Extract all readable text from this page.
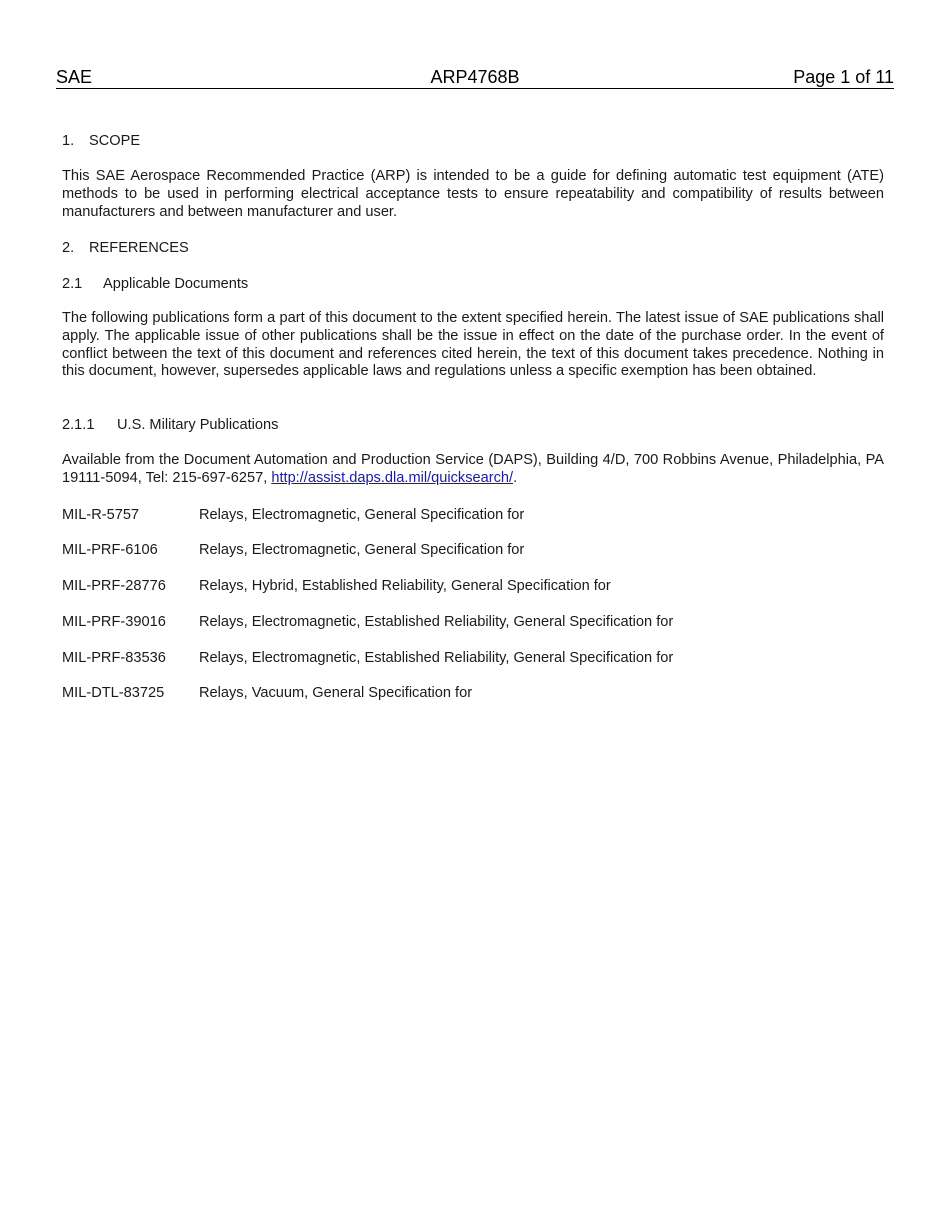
SAE	ARP4768B	Page 1 of 11
1. SCOPE
This SAE Aerospace Recommended Practice (ARP) is intended to be a guide for defining automatic test equipment (ATE) methods to be used in performing electrical acceptance tests to ensure repeatability and compatibility of results between manufacturers and between manufacturer and user.
2. REFERENCES
2.1 Applicable Documents
The following publications form a part of this document to the extent specified herein. The latest issue of SAE publications shall apply. The applicable issue of other publications shall be the issue in effect on the date of the purchase order. In the event of conflict between the text of this document and references cited herein, the text of this document takes precedence. Nothing in this document, however, supersedes applicable laws and regulations unless a specific exemption has been obtained.
2.1.1 U.S. Military Publications
Available from the Document Automation and Production Service (DAPS), Building 4/D, 700 Robbins Avenue, Philadelphia, PA 19111-5094, Tel: 215-697-6257, http://assist.daps.dla.mil/quicksearch/.
MIL-R-5757	Relays, Electromagnetic, General Specification for
MIL-PRF-6106	Relays, Electromagnetic, General Specification for
MIL-PRF-28776 Relays, Hybrid, Established Reliability, General Specification for
MIL-PRF-39016 Relays, Electromagnetic, Established Reliability, General Specification for
MIL-PRF-83536 Relays, Electromagnetic, Established Reliability, General Specification for
MIL-DTL-83725 Relays, Vacuum, General Specification for
